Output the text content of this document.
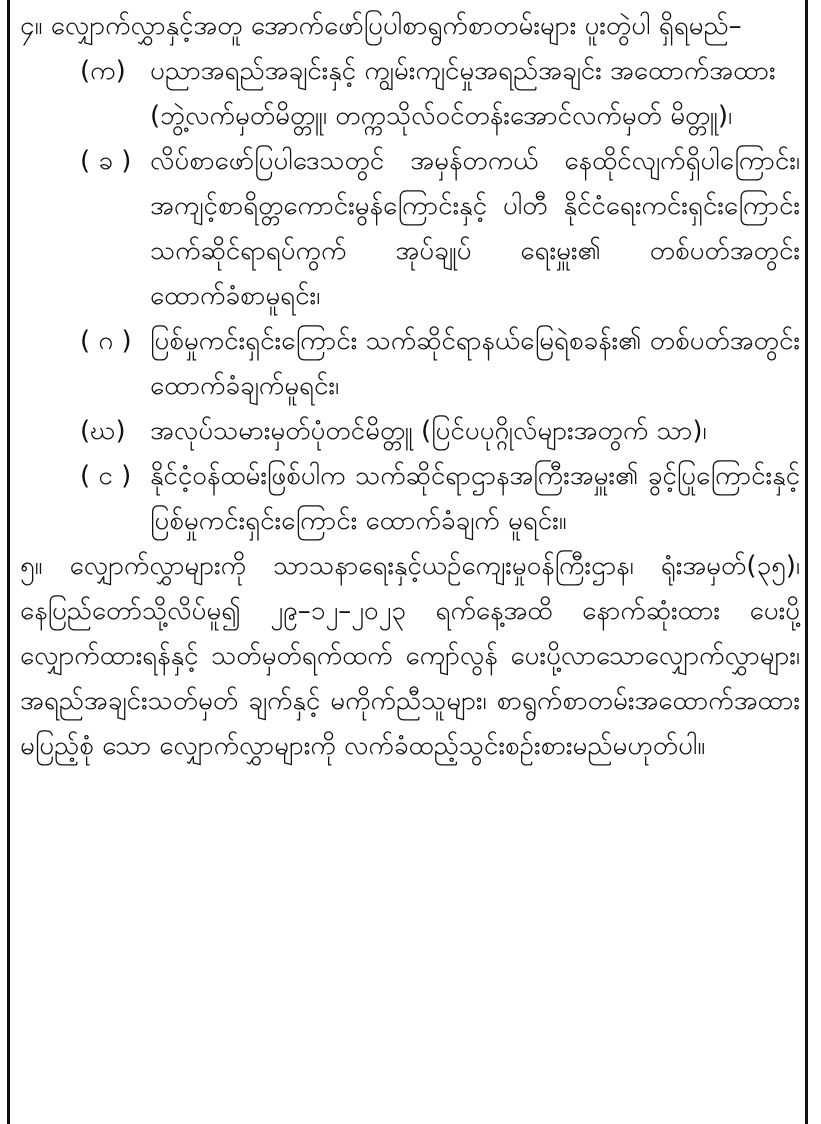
၄။ လျှောက်လွှာနှင့်အတူ အောက်ဖော်ပြပါစာရွက်စာတမ်းများ ပူးတွဲပါ ရှိရမည်–

(က) ပညာအရည်အချင်းနှင့် ကျွမ်းကျင်မှုအရည်အချင်း အထောက်အထား

(ဘွဲ့လက်မှတ်မိတ္တူ၊ တက္ကသိုလ်ဝင်တန်းအောင်လက်မှတ် မိတ္တူ)၊

( ခ ) လိပ်စာဖော်ပြပါဒေသတွင် အမှန်တကယ် နေထိုင်လျက်ရှိပါကြောင်း၊ အကျင့်စာရိတ္တကောင်းမွန်ကြောင်းနှင့် ပါတီ နိုင်ငံရေးကင်းရှင်းကြောင်း သက်ဆိုင်ရာရပ်ကွက် အုပ်ချုပ် ရေးမှူး၏ တစ်ပတ်အတွင်း ထောက်ခံစာမူရင်း၊
( ဂ ) ပြစ်မှုကင်းရှင်းကြောင်း သက်ဆိုင်ရာနယ်မြေရဲစခန်း၏ တစ်ပတ်အတွင်း ထောက်ခံချက်မူရင်း၊
(ဃ) အလုပ်သမားမှတ်ပုံတင်မိတ္တူ (ပြင်ပပုဂ္ဂိုလ်များအတွက် သာ)၊
( င ) နိုင်ငံ့ဝန်ထမ်းဖြစ်ပါက သက်ဆိုင်ရာဌာနအကြီးအမှူး၏ ခွင့်ပြုကြောင်းနှင့် ပြစ်မှုကင်းရှင်းကြောင်း ထောက်ခံချက် မူရင်း။

၅။ လျှောက်လွှာများကို သာသနာရေးနှင့်ယဉ်ကျေးမှုဝန်ကြီးဌာန၊ ရုံးအမှတ်(၃၅)၊ နေပြည်တော်သို့လိပ်မူ၍ ၂၉–၁၂–၂၀၂၃ ရက်နေ့အထိ နောက်ဆုံးထား ပေးပို့လျှောက်ထားရန်နှင့် သတ်မှတ်ရက်ထက် ကျော်လွန် ပေးပို့လာသောလျှောက်လွှာများ၊ အရည်အချင်းသတ်မှတ် ချက်နှင့် မကိုက်ညီသူများ၊ စာရွက်စာတမ်းအထောက်အထား မပြည့်စုံ သော လျှောက်လွှာများကို လက်ခံထည့်သွင်းစဉ်းစားမည်မဟုတ်ပါ။
